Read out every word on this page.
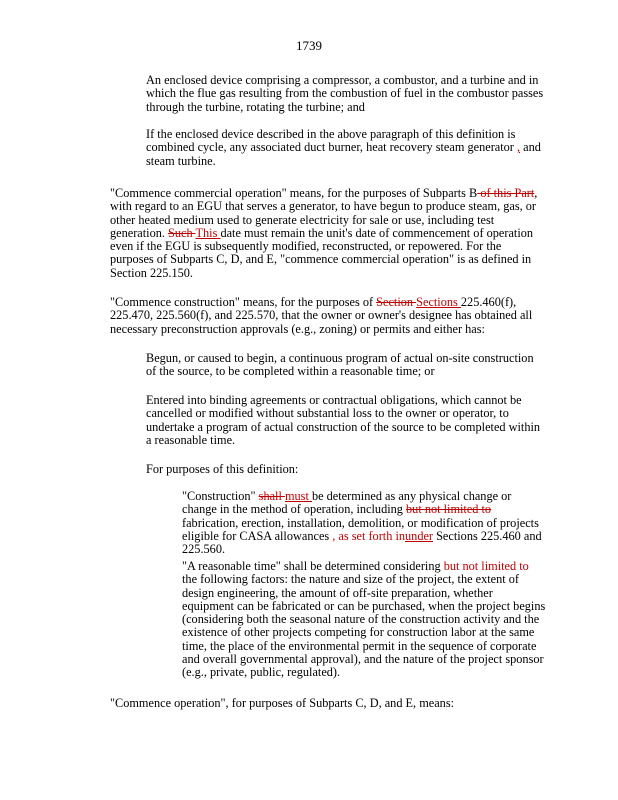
1739

An enclosed device comprising a compressor, a combustor, and a turbine and in which the flue gas resulting from the combustion of fuel in the combustor passes through the turbine, rotating the turbine; and

If the enclosed device described in the above paragraph of this definition is combined cycle, any associated duct burner, heat recovery steam generator , and steam turbine.

"Commence commercial operation" means, for the purposes of Subparts B of this Part, with regard to an EGU that serves a generator, to have begun to produce steam, gas, or other heated medium used to generate electricity for sale or use, including test generation. Such This date must remain the unit's date of commencement of operation even if the EGU is subsequently modified, reconstructed, or repowered. For the purposes of Subparts C, D, and E, "commence commercial operation" is as defined in Section 225.150.

"Commence construction" means, for the purposes of Section Sections 225.460(f), 225.470, 225.560(f), and 225.570, that the owner or owner's designee has obtained all necessary preconstruction approvals (e.g., zoning) or permits and either has:

Begun, or caused to begin, a continuous program of actual on-site construction of the source, to be completed within a reasonable time; or

Entered into binding agreements or contractual obligations, which cannot be cancelled or modified without substantial loss to the owner or operator, to undertake a program of actual construction of the source to be completed within a reasonable time.

For purposes of this definition:

"Construction" shall must be determined as any physical change or change in the method of operation, including but not limited to fabrication, erection, installation, demolition, or modification of projects eligible for CASA allowances , as set forth inunder Sections 225.460 and 225.560.

"A reasonable time" shall be determined considering but not limited to the following factors: the nature and size of the project, the extent of design engineering, the amount of off-site preparation, whether equipment can be fabricated or can be purchased, when the project begins (considering both the seasonal nature of the construction activity and the existence of other projects competing for construction labor at the same time, the place of the environmental permit in the sequence of corporate and overall governmental approval), and the nature of the project sponsor (e.g., private, public, regulated).

"Commence operation", for purposes of Subparts C, D, and E, means:
